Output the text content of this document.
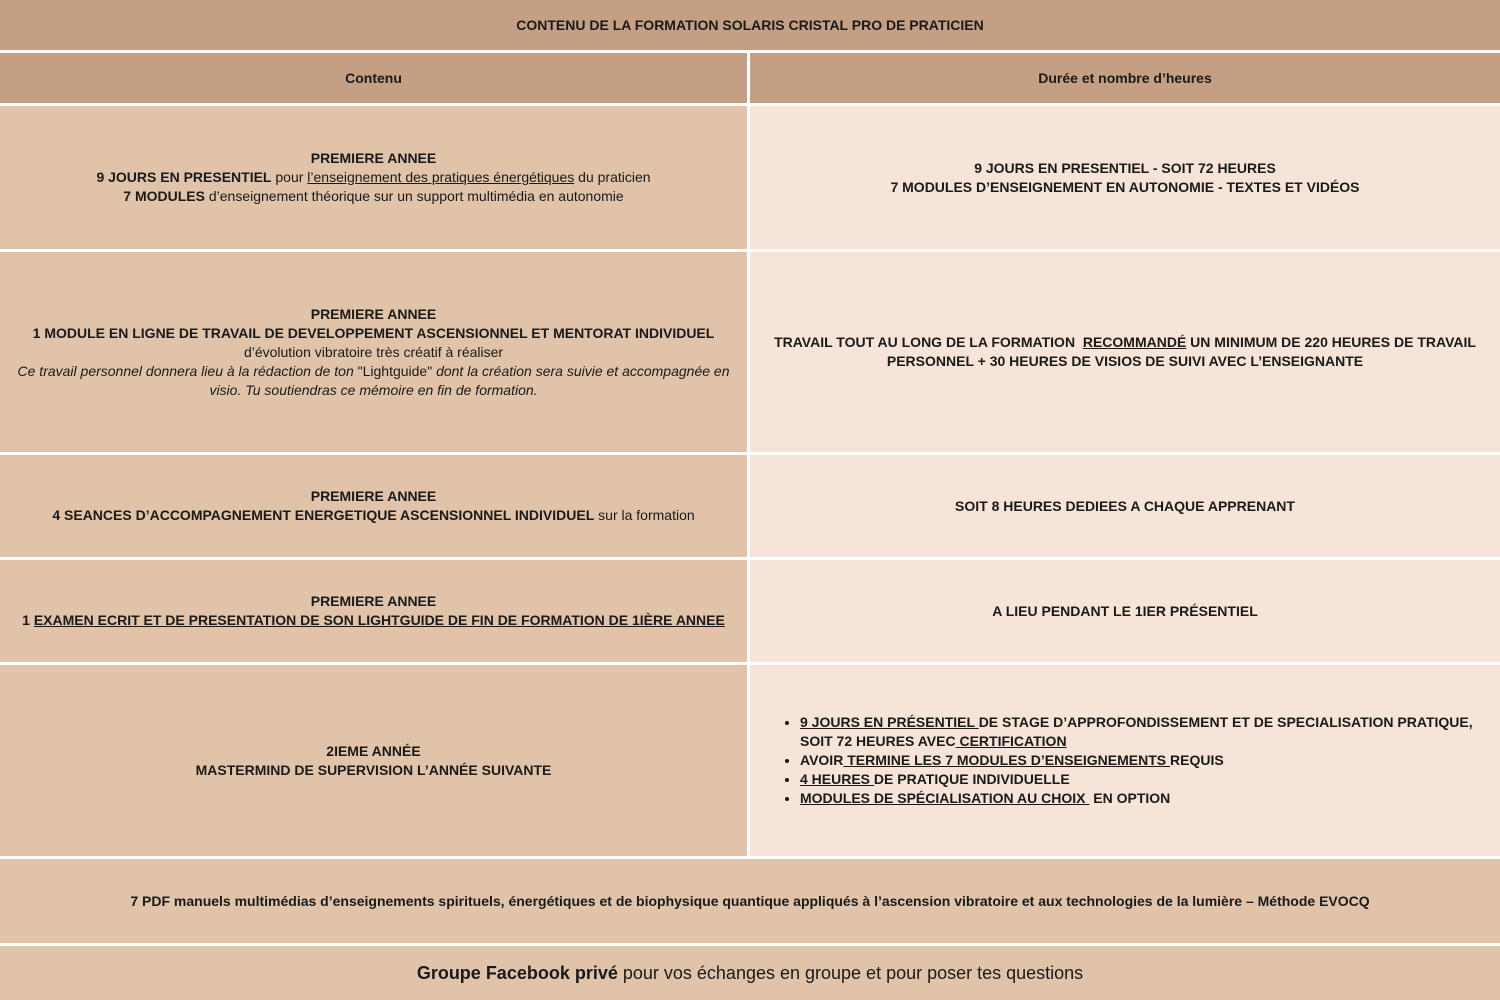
CONTENU DE LA FORMATION SOLARIS CRISTAL PRO DE PRATICIEN
Contenu	Durée et nombre d’heures
PREMIERE ANNEE
9 JOURS EN PRESENTIEL pour l’enseignement des pratiques énergétiques du praticien
7 MODULES d’enseignement théorique sur un support multimédia en autonomie
9 JOURS EN PRESENTIEL - SOIT 72 HEURES
7 MODULES D’ENSEIGNEMENT EN AUTONOMIE - TEXTES ET VIDÉOS
PREMIERE ANNEE
1 MODULE EN LIGNE DE TRAVAIL DE DEVELOPPEMENT ASCENSIONNEL ET MENTORAT INDIVIDUEL
d’évolution vibratoire très créatif à réaliser
Ce travail personnel donnera lieu à la rédaction de ton "Lightguide" dont la création sera suivie et accompagnée en visio. Tu soutiendras ce mémoire en fin de formation.
TRAVAIL TOUT AU LONG DE LA FORMATION  RECOMMANDÉ UN MINIMUM DE 220 HEURES DE TRAVAIL PERSONNEL + 30 HEURES DE VISIOS DE SUIVI AVEC L’ENSEIGNANTE
PREMIERE ANNEE
4 SEANCES D’ACCOMPAGNEMENT ENERGETIQUE ASCENSIONNEL INDIVIDUEL sur la formation
SOIT 8 HEURES DEDIEES A CHAQUE APPRENANT
PREMIERE ANNEE
1 EXAMEN ECRIT ET DE PRESENTATION DE SON LIGHTGUIDE DE FIN DE FORMATION DE 1IÈRE ANNEE
A LIEU PENDANT LE 1IER PRÉSENTIEL
2IEME ANNÉE
MASTERMIND DE SUPERVISION L’ANNÉE SUIVANTE
• 9 JOURS EN PRÉSENTIEL DE STAGE D’APPROFONDISSEMENT ET DE SPECIALISATION PRATIQUE, SOIT 72 HEURES AVEC CERTIFICATION
• AVOIR TERMINE LES 7 MODULES D’ENSEIGNEMENTS REQUIS
• 4 HEURES DE PRATIQUE INDIVIDUELLE
• MODULES DE SPÉCIALISATION AU CHOIX  EN OPTION
7 PDF manuels multimédias d’enseignements spirituels, énergétiques et de biophysique quantique appliqués à l’ascension vibratoire et aux technologies de la lumière – Méthode EVOCQ
Groupe Facebook privé pour vos échanges en groupe et pour poser tes questions
